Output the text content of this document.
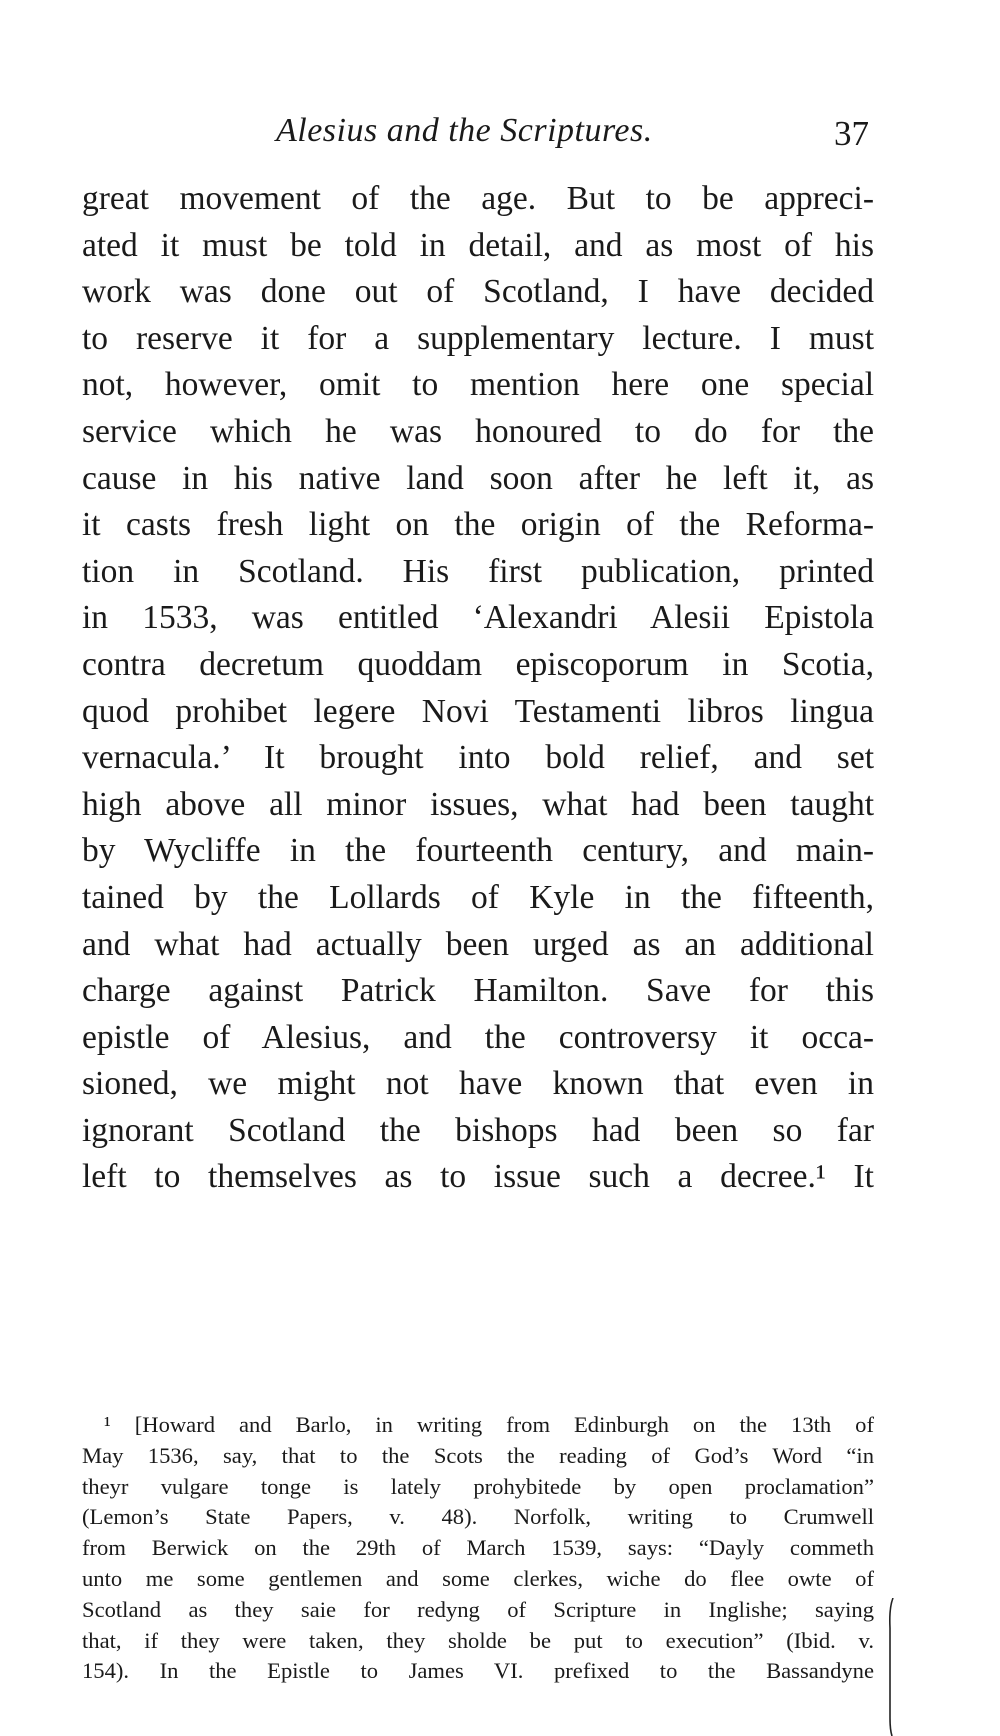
Alesius and the Scriptures.	37
great movement of the age. But to be appreci-
ated it must be told in detail, and as most of his
work was done out of Scotland, I have decided
to reserve it for a supplementary lecture. I must
not, however, omit to mention here one special
service which he was honoured to do for the
cause in his native land soon after he left it, as
it casts fresh light on the origin of the Reforma-
tion in Scotland. His first publication, printed
in 1533, was entitled ‘Alexandri Alesii Epistola
contra decretum quoddam episcoporum in Scotia,
quod prohibet legere Novi Testamenti libros lingua
vernacula.’ It brought into bold relief, and set
high above all minor issues, what had been taught
by Wycliffe in the fourteenth century, and main-
tained by the Lollards of Kyle in the fifteenth,
and what had actually been urged as an additional
charge against Patrick Hamilton. Save for this
epistle of Alesius, and the controversy it occa-
sioned, we might not have known that even in
ignorant Scotland the bishops had been so far
left to themselves as to issue such a decree.¹ It
¹ [Howard and Barlo, in writing from Edinburgh on the 13th of
May 1536, say, that to the Scots the reading of God’s Word “in
theyr vulgare tonge is lately prohybitede by open proclamation”
(Lemon’s State Papers, v. 48). Norfolk, writing to Crumwell
from Berwick on the 29th of March 1539, says: “Dayly commeth
unto me some gentlemen and some clerkes, wiche do flee owte of
Scotland as they saie for redyng of Scripture in Inglishe; saying
that, if they were taken, they sholde be put to execution” (Ibid. v.
154). In the Epistle to James VI. prefixed to the Bassandyne
